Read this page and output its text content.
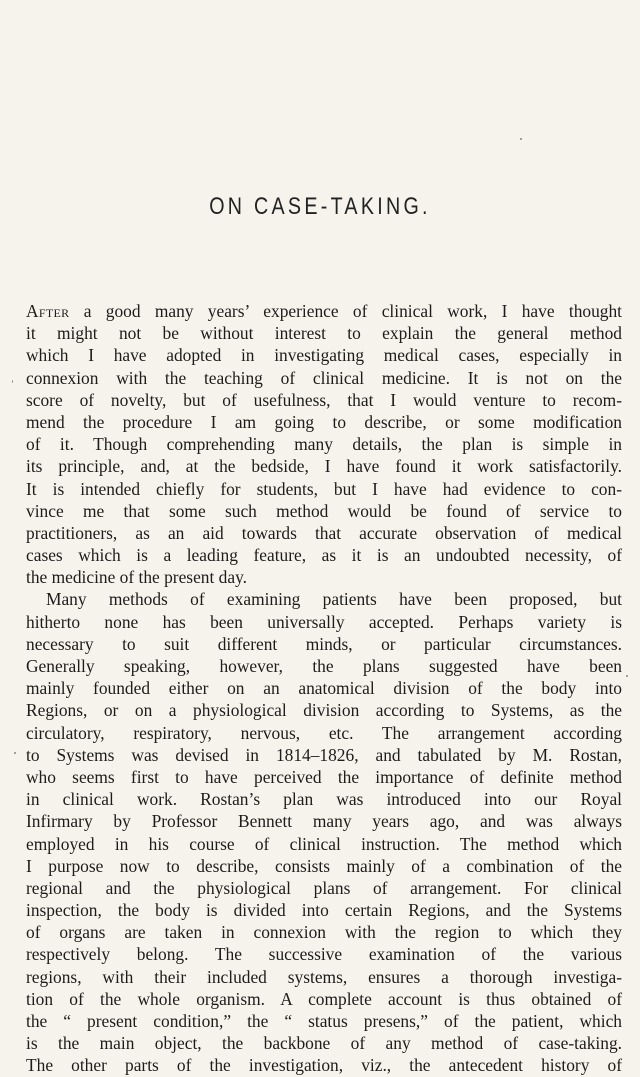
ON CASE-TAKING.
After a good many years’ experience of clinical work, I have thought
it might not be without interest to explain the general method
which I have adopted in investigating medical cases, especially in
connexion with the teaching of clinical medicine. It is not on the
score of novelty, but of usefulness, that I would venture to recom-
mend the procedure I am going to describe, or some modification
of it. Though comprehending many details, the plan is simple in
its principle, and, at the bedside, I have found it work satisfactorily.
It is intended chiefly for students, but I have had evidence to con-
vince me that some such method would be found of service to
practitioners, as an aid towards that accurate observation of medical
cases which is a leading feature, as it is an undoubted necessity, of
the medicine of the present day.
Many methods of examining patients have been proposed, but
hitherto none has been universally accepted. Perhaps variety is
necessary to suit different minds, or particular circumstances.
Generally speaking, however, the plans suggested have been
mainly founded either on an anatomical division of the body into
Regions, or on a physiological division according to Systems, as the
circulatory, respiratory, nervous, etc. The arrangement according
to Systems was devised in 1814–1826, and tabulated by M. Rostan,
who seems first to have perceived the importance of definite method
in clinical work. Rostan’s plan was introduced into our Royal
Infirmary by Professor Bennett many years ago, and was always
employed in his course of clinical instruction. The method which
I purpose now to describe, consists mainly of a combination of the
regional and the physiological plans of arrangement. For clinical
inspection, the body is divided into certain Regions, and the Systems
of organs are taken in connexion with the region to which they
respectively belong. The successive examination of the various
regions, with their included systems, ensures a thorough investiga-
tion of the whole organism. A complete account is thus obtained of
the “ present condition,” the “ status presens,” of the patient, which
is the main object, the backbone of any method of case-taking.
The other parts of the investigation, viz., the antecedent history of
